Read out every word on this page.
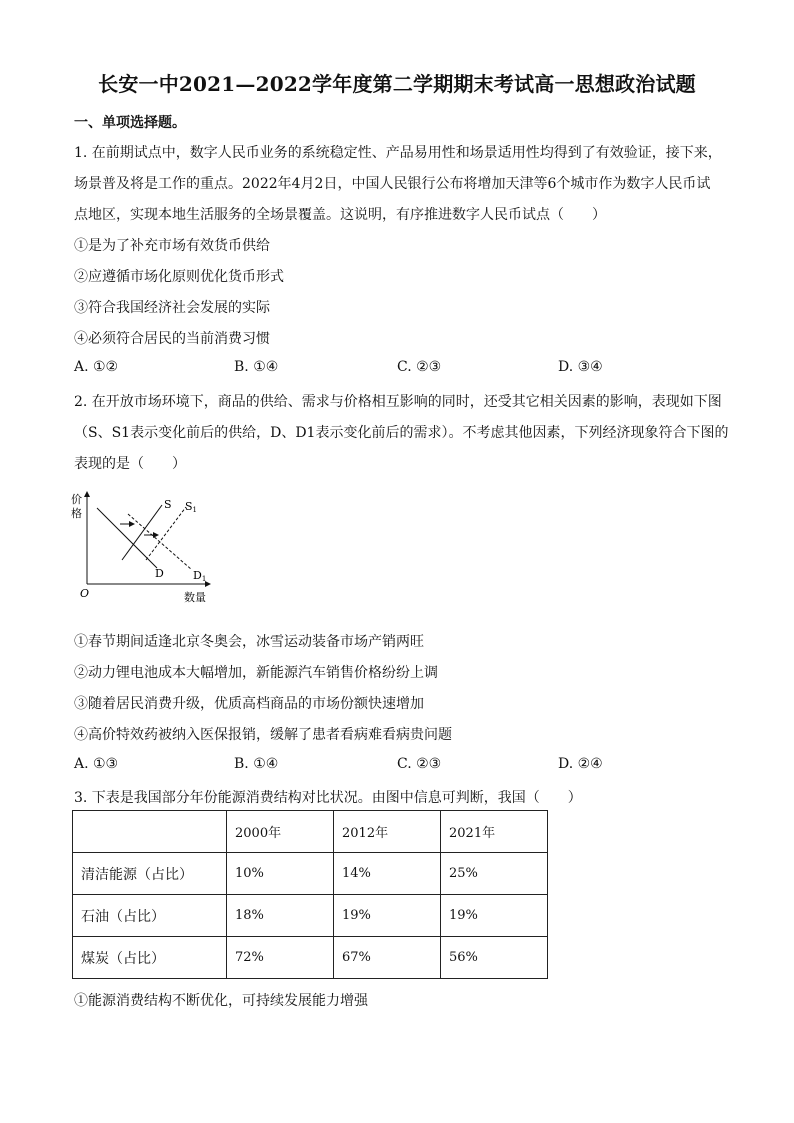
长安一中2021—2022学年度第二学期期末考试高一思想政治试题
一、单项选择题。
1. 在前期试点中，数字人民币业务的系统稳定性、产品易用性和场景适用性均得到了有效验证，接下来，
场景普及将是工作的重点。2022年4月2日，中国人民银行公布将增加天津等6个城市作为数字人民币试
点地区，实现本地生活服务的全场景覆盖。这说明，有序推进数字人民币试点（　　）
①是为了补充市场有效货币供给
②应遵循市场化原则优化货币形式
③符合我国经济社会发展的实际
④必须符合居民的当前消费习惯
A. ①②	B. ①④	C. ②③	D. ③④
2. 在开放市场环境下，商品的供给、需求与价格相互影响的同时，还受其它相关因素的影响，表现如下图
（S、S1表示变化前后的供给，D、D1表示变化前后的需求）。不考虑其他因素，下列经济现象符合下图的
表现的是（　　）
价
格
数量
O
S S1
D	D1
①春节期间适逢北京冬奥会，冰雪运动装备市场产销两旺
②动力锂电池成本大幅增加，新能源汽车销售价格纷纷上调
③随着居民消费升级，优质高档商品的市场份额快速增加
④高价特效药被纳入医保报销，缓解了患者看病难看病贵问题
A. ①③	B. ①④	C. ②③	D. ②④
3. 下表是我国部分年份能源消费结构对比状况。由图中信息可判断，我国（　　）
	2000年	2012年	2021年
清洁能源（占比）	10%	14%	25%
石油（占比）	18%	19%	19%
煤炭（占比）	72%	67%	56%
①能源消费结构不断优化，可持续发展能力增强
